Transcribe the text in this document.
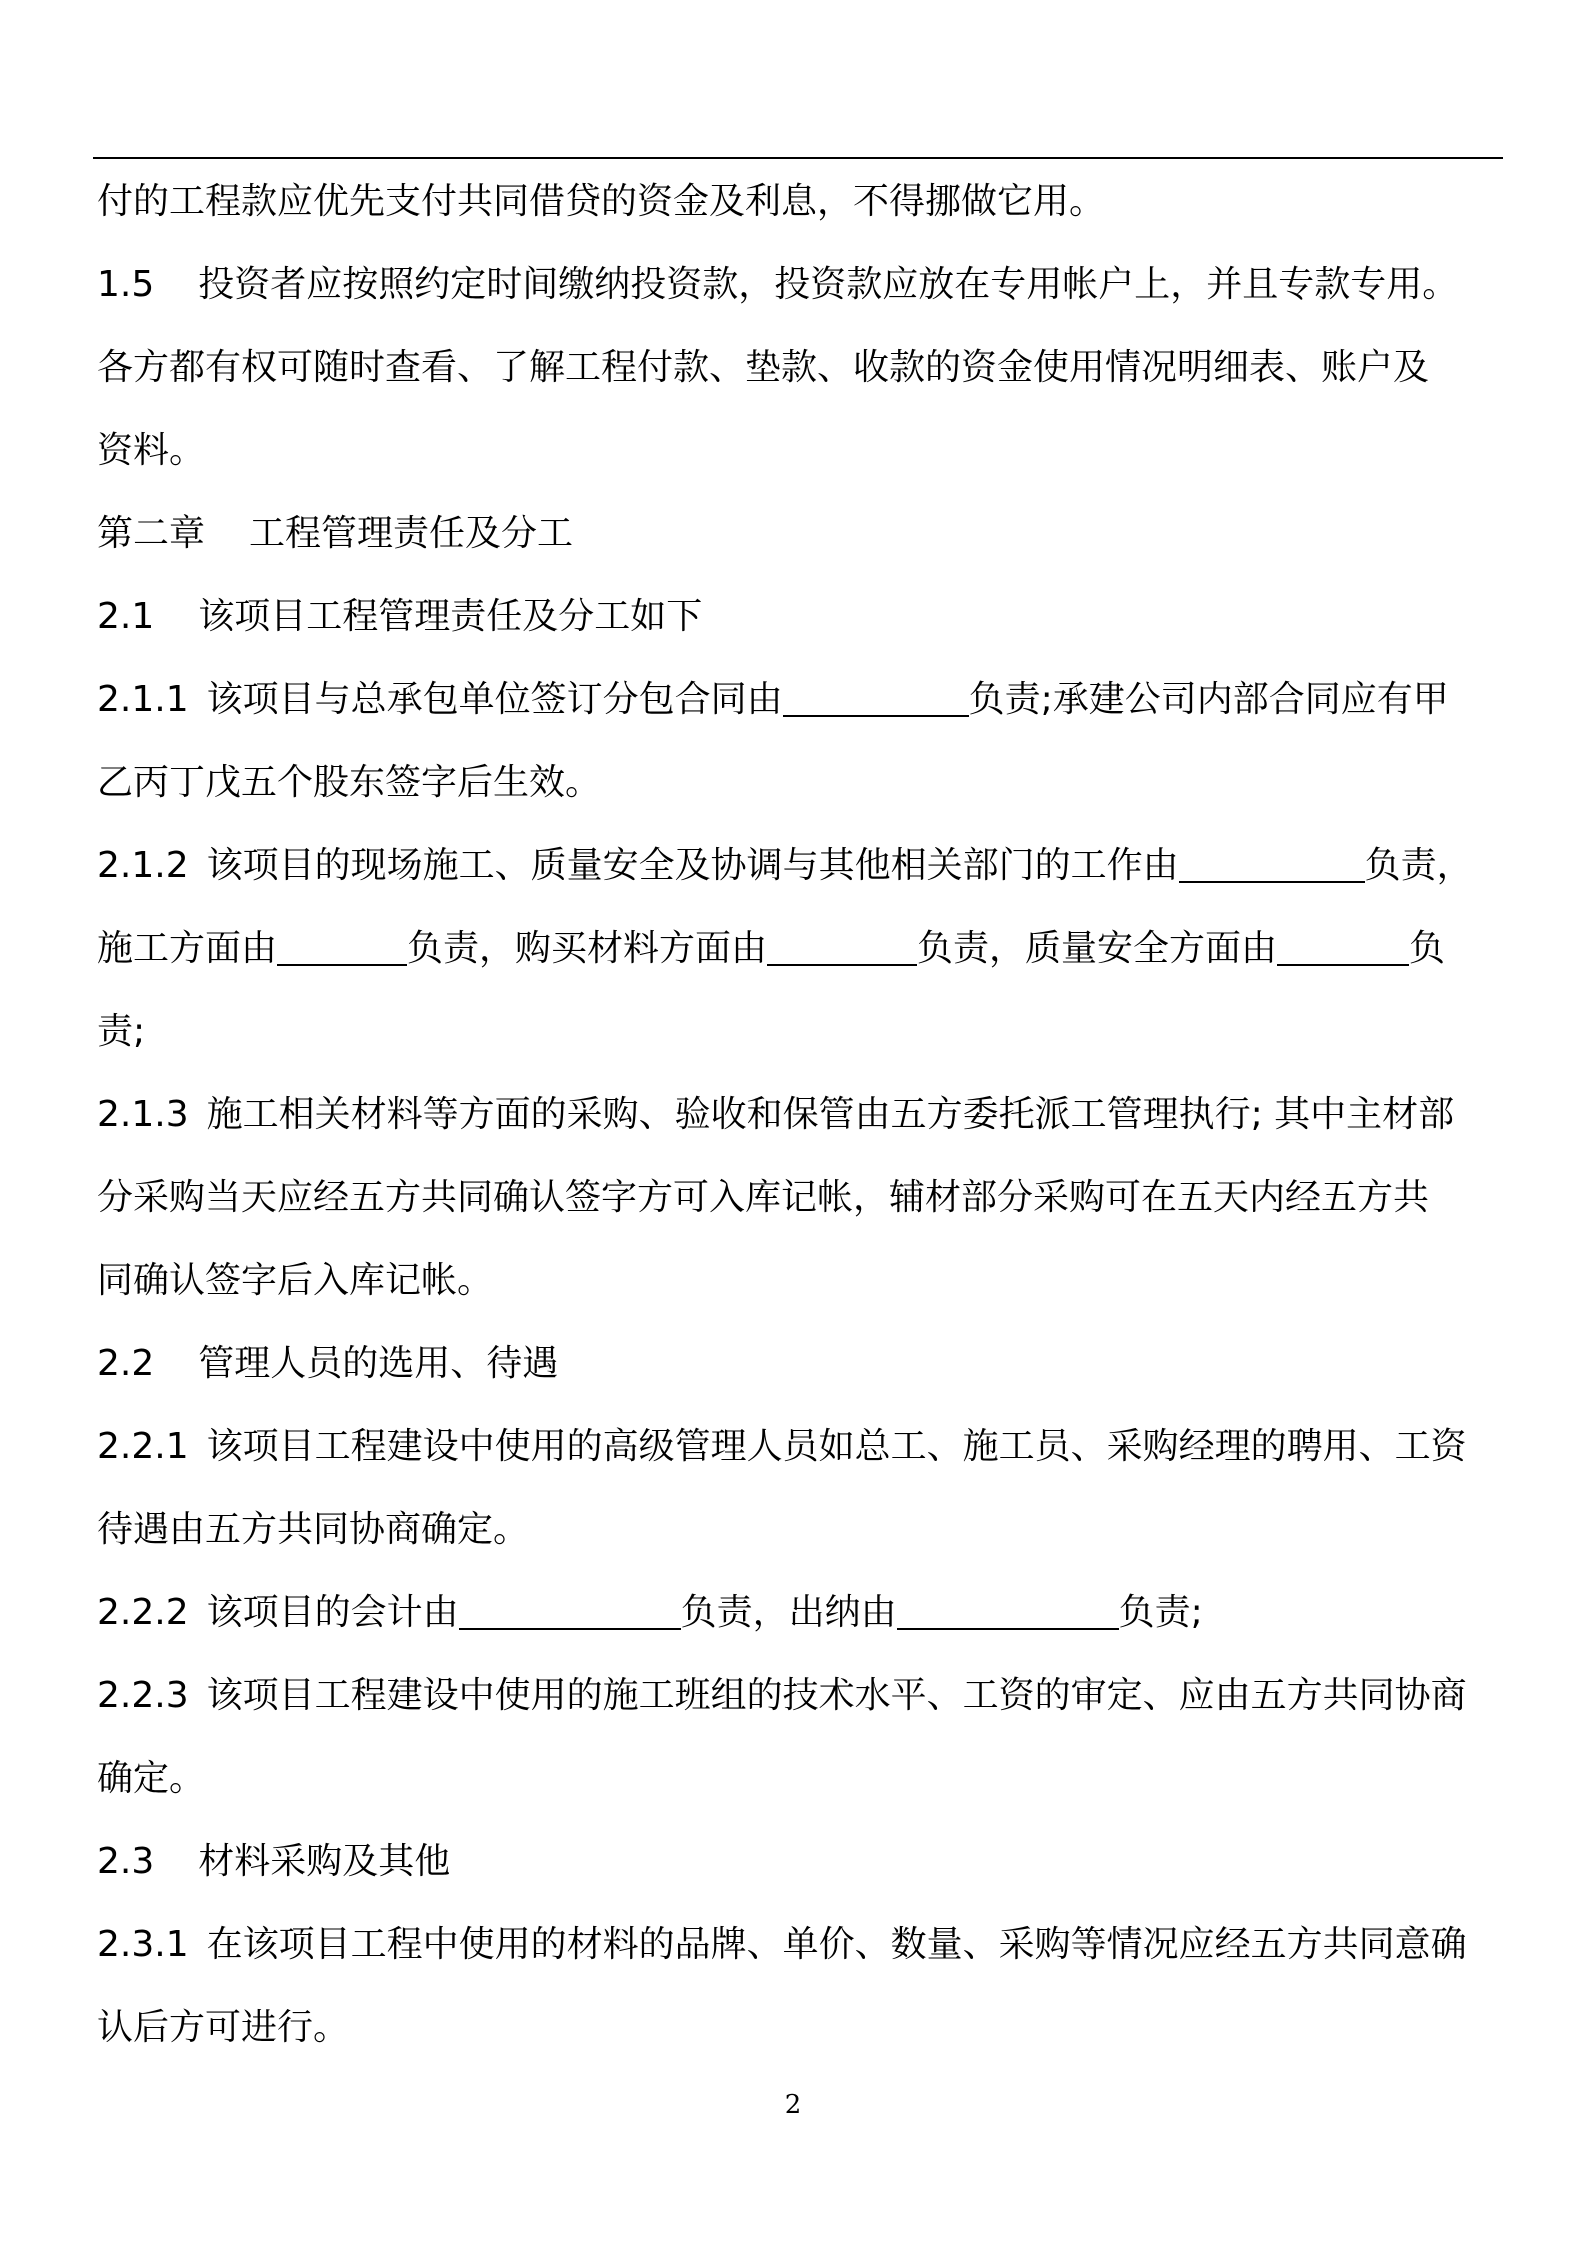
付的工程款应优先支付共同借贷的资金及利息，不得挪做它用。
1.5 投资者应按照约定时间缴纳投资款，投资款应放在专用帐户上，并且专款专用。
各方都有权可随时查看、了解工程付款、垫款、收款的资金使用情况明细表、账户及
资料。
第二章 工程管理责任及分工
2.1 该项目工程管理责任及分工如下
2.1.1 该项目与总承包单位签订分包合同由	负责;承建公司内部合同应有甲
乙丙丁戊五个股东签字后生效。
2.1.2 该项目的现场施工、质量安全及协调与其他相关部门的工作由	负责，
施工方面由	负责，购买材料方面由	负责，质量安全方面由	负
责;
2.1.3 施工相关材料等方面的采购、验收和保管由五方委托派工管理执行; 其中主材部
分采购当天应经五方共同确认签字方可入库记帐，辅材部分采购可在五天内经五方共
同确认签字后入库记帐。
2.2 管理人员的选用、待遇
2.2.1 该项目工程建设中使用的高级管理人员如总工、施工员、采购经理的聘用、工资
待遇由五方共同协商确定。
2.2.2 该项目的会计由	负责，出纳由	负责;
2.2.3 该项目工程建设中使用的施工班组的技术水平、工资的审定、应由五方共同协商
确定。
2.3 材料采购及其他
2.3.1 在该项目工程中使用的材料的品牌、单价、数量、采购等情况应经五方共同意确
认后方可进行。
2
